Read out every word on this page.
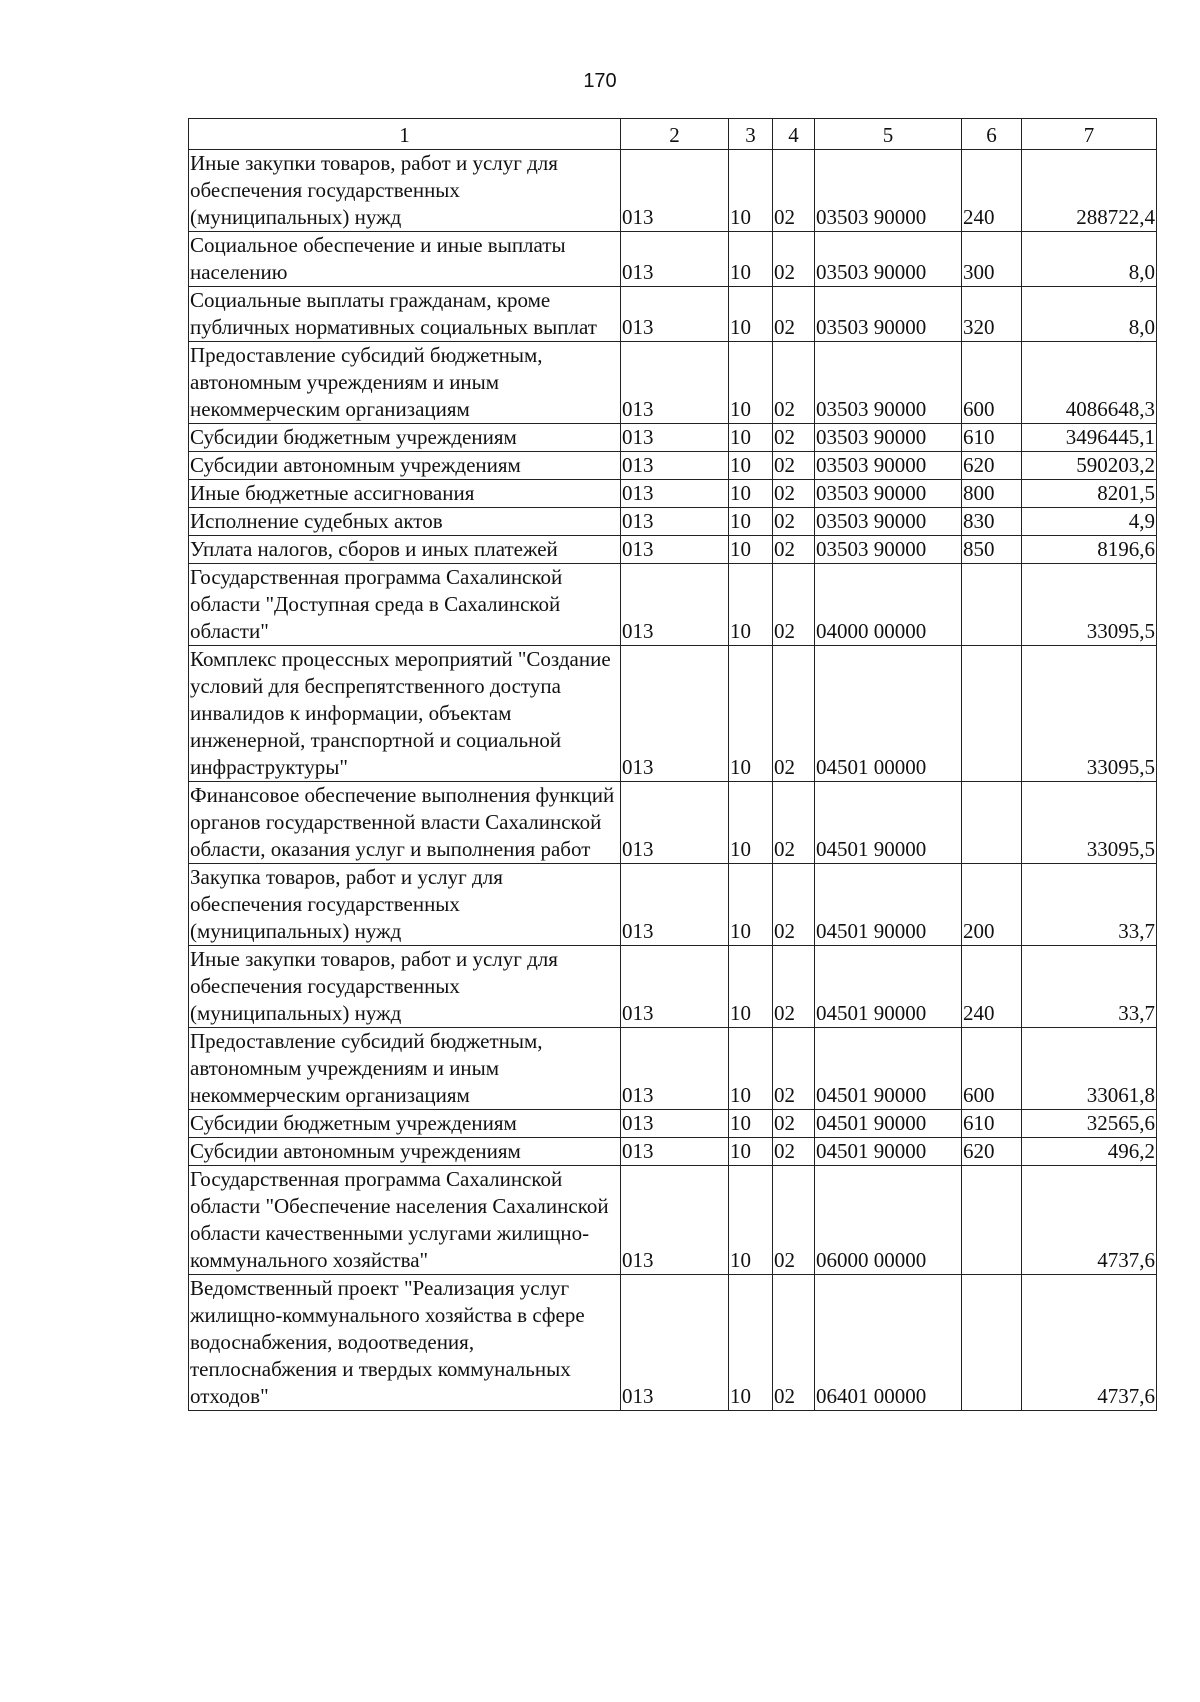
170
1	2	3	4	5	6	7
Иные закупки товаров, работ и услуг для обеспечения государственных (муниципальных) нужд	013	10	02	03503 90000	240	288722,4
Социальное обеспечение и иные выплаты населению	013	10	02	03503 90000	300	8,0
Социальные выплаты гражданам, кроме публичных нормативных социальных выплат	013	10	02	03503 90000	320	8,0
Предоставление субсидий бюджетным, автономным учреждениям и иным некоммерческим организациям	013	10	02	03503 90000	600	4086648,3
Субсидии бюджетным учреждениям	013	10	02	03503 90000	610	3496445,1
Субсидии автономным учреждениям	013	10	02	03503 90000	620	590203,2
Иные бюджетные ассигнования	013	10	02	03503 90000	800	8201,5
Исполнение судебных актов	013	10	02	03503 90000	830	4,9
Уплата налогов, сборов и иных платежей	013	10	02	03503 90000	850	8196,6
Государственная программа Сахалинской области "Доступная среда в Сахалинской области"	013	10	02	04000 00000		33095,5
Комплекс процессных мероприятий "Создание условий для беспрепятственного доступа инвалидов к информации, объектам инженерной, транспортной и социальной инфраструктуры"	013	10	02	04501 00000		33095,5
Финансовое обеспечение выполнения функций органов государственной власти Сахалинской области, оказания услуг и выполнения работ	013	10	02	04501 90000		33095,5
Закупка товаров, работ и услуг для обеспечения государственных (муниципальных) нужд	013	10	02	04501 90000	200	33,7
Иные закупки товаров, работ и услуг для обеспечения государственных (муниципальных) нужд	013	10	02	04501 90000	240	33,7
Предоставление субсидий бюджетным, автономным учреждениям и иным некоммерческим организациям	013	10	02	04501 90000	600	33061,8
Субсидии бюджетным учреждениям	013	10	02	04501 90000	610	32565,6
Субсидии автономным учреждениям	013	10	02	04501 90000	620	496,2
Государственная программа Сахалинской области "Обеспечение населения Сахалинской области качественными услугами жилищно-коммунального хозяйства"	013	10	02	06000 00000		4737,6
Ведомственный проект "Реализация услуг жилищно-коммунального хозяйства в сфере водоснабжения, водоотведения, теплоснабжения и твердых коммунальных отходов"	013	10	02	06401 00000		4737,6
